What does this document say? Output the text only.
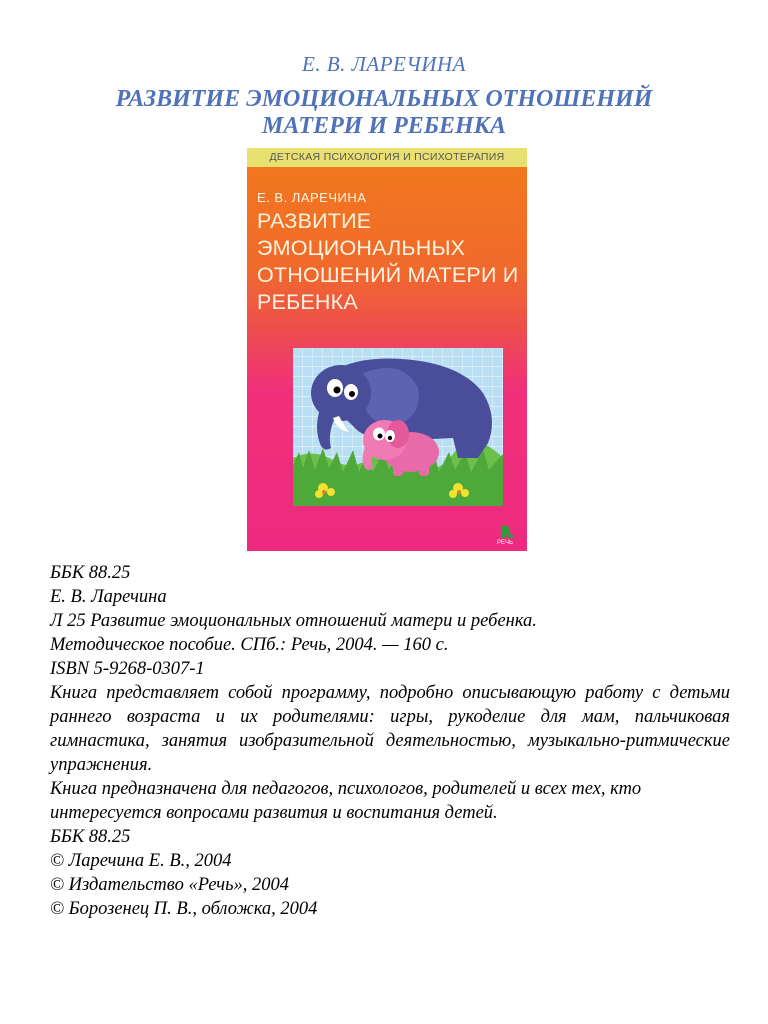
Е. В. ЛАРЕЧИНА
РАЗВИТИЕ ЭМОЦИОНАЛЬНЫХ ОТНОШЕНИЙ
МАТЕРИ И РЕБЕНКА
ДЕТСКАЯ ПСИХОЛОГИЯ И ПСИХОТЕРАПИЯ
Е. В. ЛАРЕЧИНА
РАЗВИТИЕ ЭМОЦИОНАЛЬНЫХ ОТНОШЕНИЙ МАТЕРИ И РЕБЕНКА
РЕЧЬ

ББК 88.25

Е. В. Ларечина

Л 25 Развитие эмоциональных отношений матери и ребенка.

Методическое пособие. СПб.: Речь, 2004. — 160 с.

ISBN 5-9268-0307-1

Книга представляет собой программу, подробно описывающую работу с детьми раннего возраста и их родителями: игры, рукоделие для мам, пальчиковая гимнастика, занятия изобразительной деятельностью, музыкально-ритмические упражнения.

Книга предназначена для педагогов, психологов, родителей и всех тех, кто интересуется вопросами развития и воспитания детей.

ББК 88.25

© Ларечина Е. В., 2004

© Издательство «Речь», 2004

© Борозенец П. В., обложка, 2004
